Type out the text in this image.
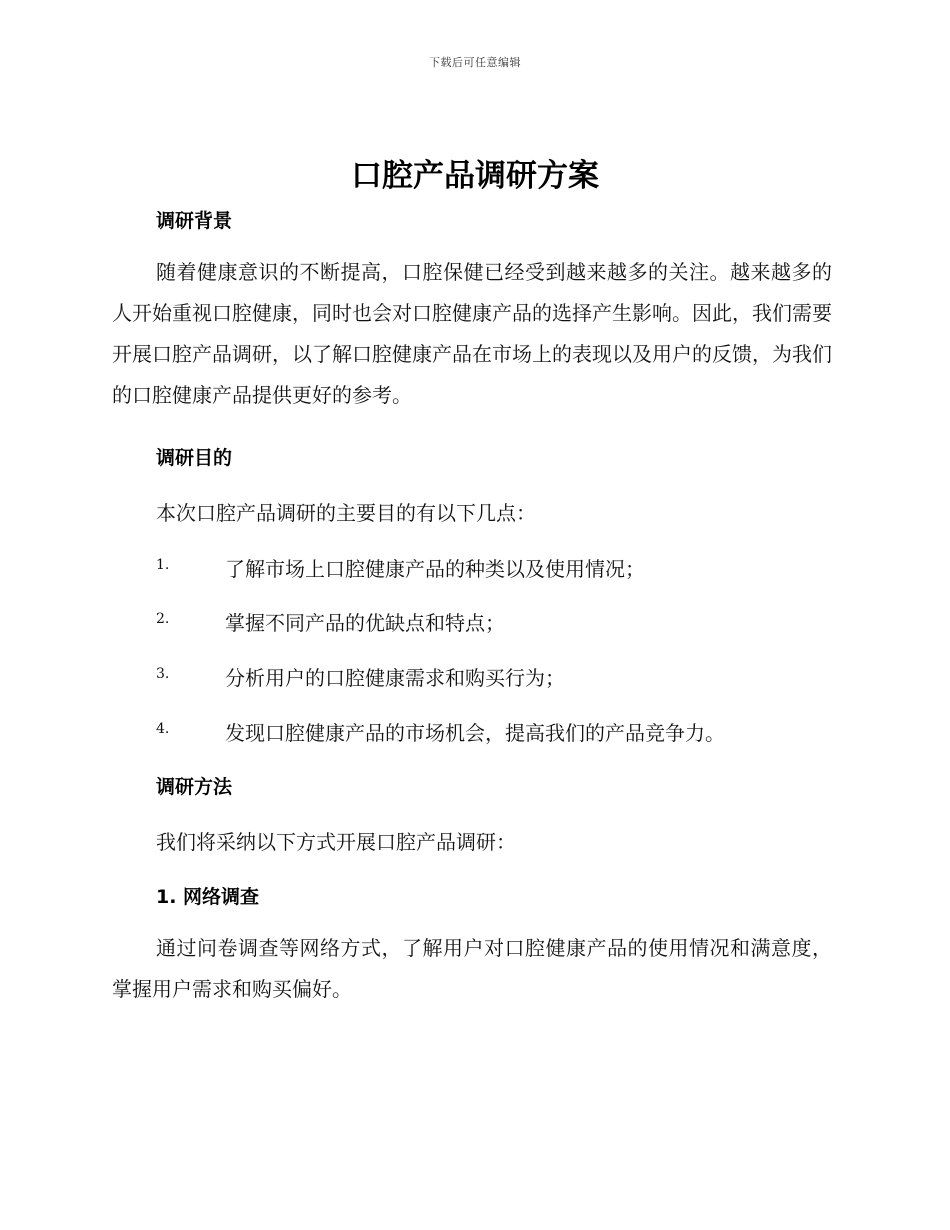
下载后可任意编辑
口腔产品调研方案
调研背景

随着健康意识的不断提高，口腔保健已经受到越来越多的关注。越来越多的人开始重视口腔健康，同时也会对口腔健康产品的选择产生影响。因此，我们需要开展口腔产品调研，以了解口腔健康产品在市场上的表现以及用户的反馈，为我们的口腔健康产品提供更好的参考。

调研目的

本次口腔产品调研的主要目的有以下几点：

1.	了解市场上口腔健康产品的种类以及使用情况；
2.	掌握不同产品的优缺点和特点；
3.	分析用户的口腔健康需求和购买行为；
4.	发现口腔健康产品的市场机会，提高我们的产品竞争力。
调研方法

我们将采纳以下方式开展口腔产品调研：

1. 网络调查

通过问卷调查等网络方式，了解用户对口腔健康产品的使用情况和满意度，掌握用户需求和购买偏好。
